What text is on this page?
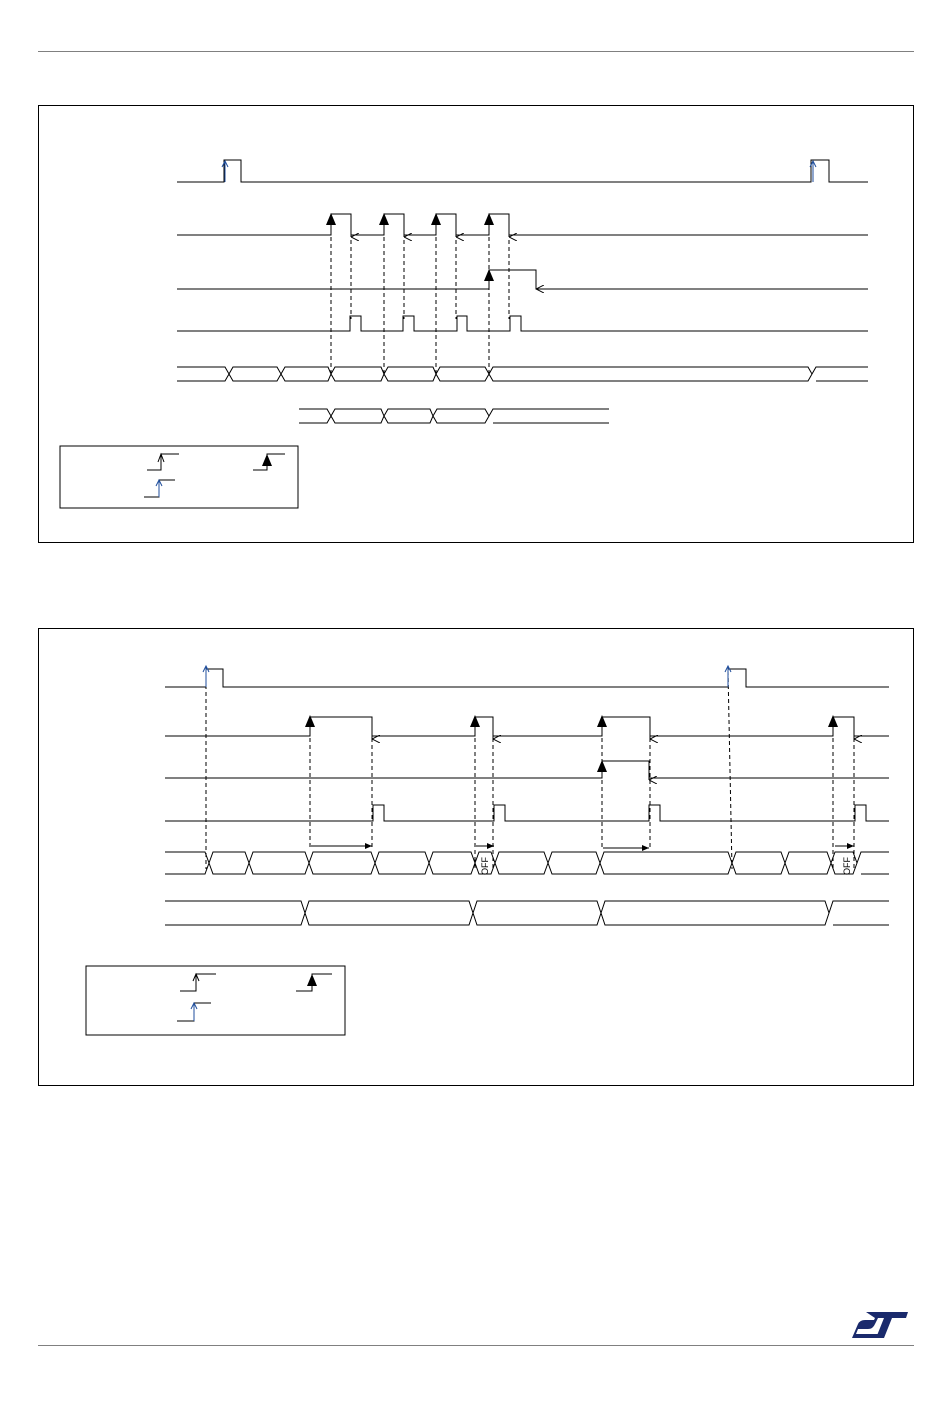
OFF	OFF
